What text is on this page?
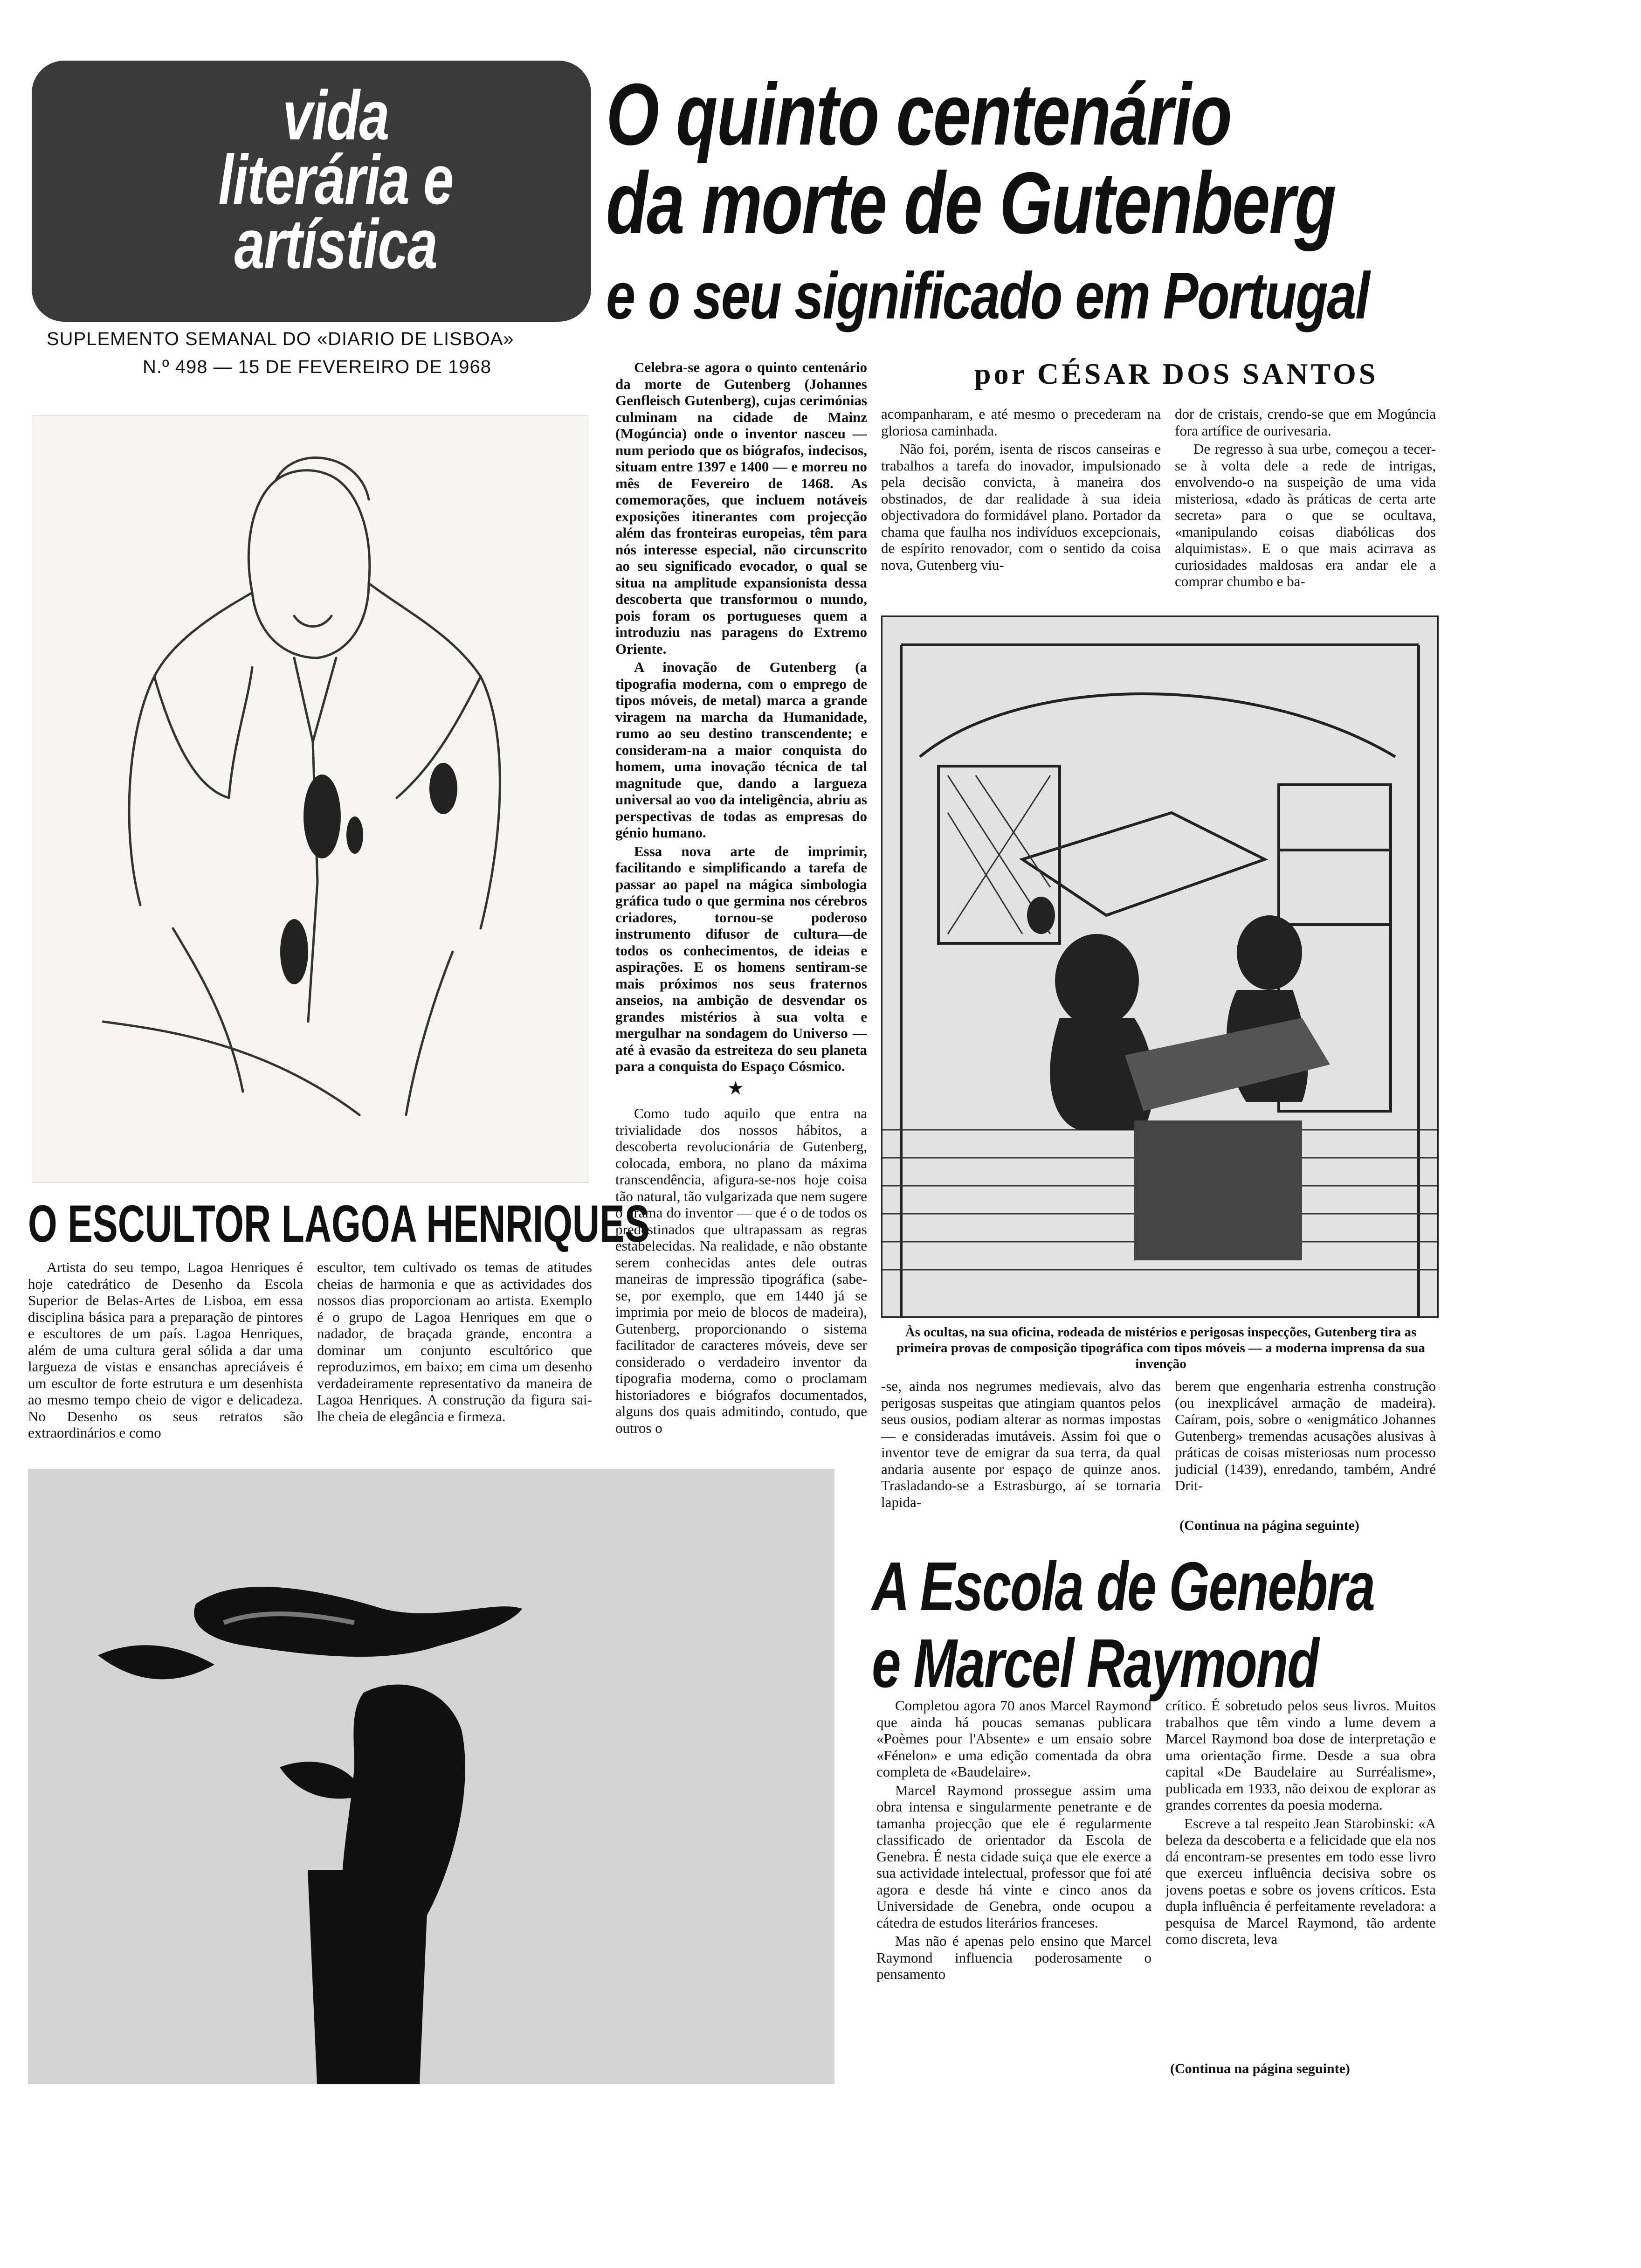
vida
literária e
artística
SUPLEMENTO SEMANAL DO «DIARIO DE LISBOA»
N.º 498 — 15 DE FEVEREIRO DE 1968
O quinto centenário
da morte de Gutenberg
e o seu significado em Portugal
por CÉSAR DOS SANTOS
O ESCULTOR LAGOA HENRIQUES
Artista do seu tempo, Lagoa Henriques é hoje catedrático de Desenho da Escola Superior de Belas-Artes de Lisboa, em essa disciplina básica para a preparação de pintores e escultores de um país. Lagoa Henriques, além de uma cultura geral sólida a dar uma largueza de vistas e ensanchas apreciáveis é um escultor de forte estrutura e um desenhista ao mesmo tempo cheio de vigor e delicadeza. No Desenho os seus retratos são extraordinários e como
escultor, tem cultivado os temas de atitudes cheias de harmonia e que as actividades dos nossos dias proporcionam ao artista. Exemplo é o grupo de Lagoa Henriques em que o nadador, de braçada grande, encontra a dominar um conjunto escultórico que reproduzimos, em baixo; em cima um desenho verdadeiramente representativo da maneira de Lagoa Henriques. A construção da figura sai-lhe cheia de elegância e firmeza.

Celebra-se agora o quinto centenário da morte de Gutenberg (Johannes Genfleisch Gutenberg), cujas cerimónias culminam na cidade de Mainz (Mogúncia) onde o inventor nasceu — num periodo que os biógrafos, indecisos, situam entre 1397 e 1400 — e morreu no mês de Fevereiro de 1468. As comemorações, que incluem notáveis exposições itinerantes com projecção além das fronteiras europeias, têm para nós interesse especial, não circunscrito ao seu significado evocador, o qual se situa na amplitude expansionista dessa descoberta que transformou o mundo, pois foram os portugueses quem a introduziu nas paragens do Extremo Oriente.

A inovação de Gutenberg (a tipografia moderna, com o emprego de tipos móveis, de metal) marca a grande viragem na marcha da Humanidade, rumo ao seu destino transcendente; e consideram-na a maior conquista do homem, uma inovação técnica de tal magnitude que, dando a largueza universal ao voo da inteligência, abriu as perspectivas de todas as empresas do génio humano.

Essa nova arte de imprimir, facilitando e simplificando a tarefa de passar ao papel na mágica simbologia gráfica tudo o que germina nos cérebros criadores, tornou-se poderoso instrumento difusor de cultura—de todos os conhecimentos, de ideias e aspirações. E os homens sentiram-se mais próximos nos seus fraternos anseios, na ambição de desvendar os grandes mistérios à sua volta e mergulhar na sondagem do Universo — até à evasão da estreiteza do seu planeta para a conquista do Espaço Cósmico.

★

Como tudo aquilo que entra na trivialidade dos nossos hábitos, a descoberta revolucionária de Gutenberg, colocada, embora, no plano da máxima transcendência, afigura-se-nos hoje coisa tão natural, tão vulgarizada que nem sugere o drama do inventor — que é o de todos os predestinados que ultrapassam as regras estabelecidas. Na realidade, e não obstante serem conhecidas antes dele outras maneiras de impressão tipográfica (sabe-se, por exemplo, que em 1440 já se imprimia por meio de blocos de madeira), Gutenberg, proporcionando o sistema facilitador de caracteres móveis, deve ser considerado o verdadeiro inventor da tipografia moderna, como o proclamam historiadores e biógrafos documentados, alguns dos quais admitindo, contudo, que outros o

acompanharam, e até mesmo o precederam na gloriosa caminhada.

Não foi, porém, isenta de riscos canseiras e trabalhos a tarefa do inovador, impulsionado pela decisão convicta, à maneira dos obstinados, de dar realidade à sua ideia objectivadora do formidável plano. Portador da chama que faulha nos indivíduos excepcionais, de espírito renovador, com o sentido da coisa nova, Gutenberg viu-

dor de cristais, crendo-se que em Mogúncia fora artífice de ourivesaria.

De regresso à sua urbe, começou a tecer-se à volta dele a rede de intrigas, envolvendo-o na suspeição de uma vida misteriosa, «dado às práticas de certa arte secreta» para o que se ocultava, «manipulando coisas diabólicas dos alquimistas». E o que mais acirrava as curiosidades maldosas era andar ele a comprar chumbo e ba-

Às ocultas, na sua oficina, rodeada de mistérios e perigosas inspecções, Gutenberg tira as primeira provas de composição tipográfica com tipos móveis — a moderna imprensa da sua invenção
-se, ainda nos negrumes medievais, alvo das perigosas suspeitas que atingiam quantos pelos seus ousios, podiam alterar as normas impostas — e consideradas imutáveis. Assim foi que o inventor teve de emigrar da sua terra, da qual andaria ausente por espaço de quinze anos. Trasladando-se a Estrasburgo, aí se tornaria lapida-
berem que engenharia estrenha construção (ou inexplicável armação de madeira). Caíram, pois, sobre o «enigmático Johannes Gutenberg» tremendas acusações alusivas à práticas de coisas misteriosas num processo judicial (1439), enredando, também, André Drit-
(Continua na página seguinte)
A Escola de Genebra
e Marcel Raymond

Completou agora 70 anos Marcel Raymond que ainda há poucas semanas publicara «Poèmes pour l'Absente» e um ensaio sobre «Fénelon» e uma edição comentada da obra completa de «Baudelaire».

Marcel Raymond prossegue assim uma obra intensa e singularmente penetrante e de tamanha projecção que ele é regularmente classificado de orientador da Escola de Genebra. É nesta cidade suiça que ele exerce a sua actividade intelectual, professor que foi até agora e desde há vinte e cinco anos da Universidade de Genebra, onde ocupou a cátedra de estudos literários franceses.

Mas não é apenas pelo ensino que Marcel Raymond influencia poderosamente o pensamento

crítico. É sobretudo pelos seus livros. Muitos trabalhos que têm vindo a lume devem a Marcel Raymond boa dose de interpretação e uma orientação firme. Desde a sua obra capital «De Baudelaire au Surréalisme», publicada em 1933, não deixou de explorar as grandes correntes da poesia moderna.

Escreve a tal respeito Jean Starobinski: «A beleza da descoberta e a felicidade que ela nos dá encontram-se presentes em todo esse livro que exerceu influência decisiva sobre os jovens poetas e sobre os jovens críticos. Esta dupla influência é perfeitamente reveladora: a pesquisa de Marcel Raymond, tão ardente como discreta, leva

(Continua na página seguinte)
